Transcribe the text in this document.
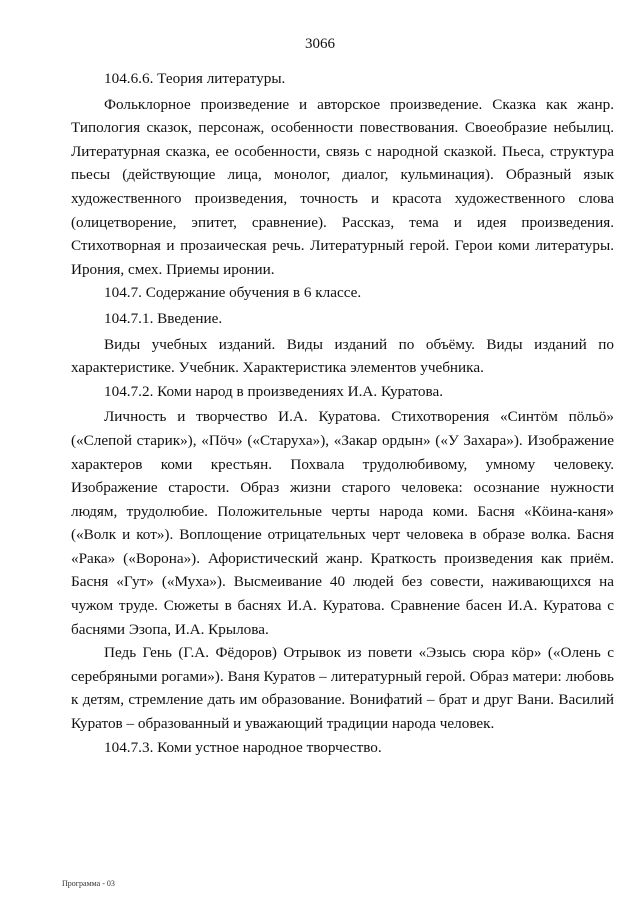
3066

104.6.6. Теория литературы.

Фольклорное произведение и авторское произведение. Сказка как жанр. Типология сказок, персонаж, особенности повествования. Своеобразие небылиц. Литературная сказка, ее особенности, связь с народной сказкой. Пьеса, структура пьесы (действующие лица, монолог, диалог, кульминация). Образный язык художественного произведения, точность и красота художественного слова (олицетворение, эпитет, сравнение). Рассказ, тема и идея произведения. Стихотворная и прозаическая речь. Литературный герой. Герои коми литературы. Ирония, смех. Приемы иронии.

104.7. Содержание обучения в 6 классе.

104.7.1. Введение.

Виды учебных изданий. Виды изданий по объёму. Виды изданий по характеристике. Учебник. Характеристика элементов учебника.

104.7.2. Коми народ в произведениях И.А. Куратова.

Личность и творчество И.А. Куратова. Стихотворения «Синтӧм пӧльӧ» («Слепой старик»), «Пӧч» («Старуха»), «Закар ордын» («У Захара»). Изображение характеров коми крестьян. Похвала трудолюбивому, умному человеку. Изображение старости. Образ жизни старого человека: осознание нужности людям, трудолюбие. Положительные черты народа коми. Басня «Кӧина-каня» («Волк и кот»). Воплощение отрицательных черт человека в образе волка. Басня «Рака» («Ворона»). Афористический жанр. Краткость произведения как приём. Басня «Гут» («Муха»). Высмеивание 40 людей без совести, наживающихся на чужом труде. Сюжеты в баснях И.А. Куратова. Сравнение басен И.А. Куратова с баснями Эзопа, И.А. Крылова.

Педь Гень (Г.А. Фёдоров) Отрывок из повети «Эзысь сюра кӧр» («Олень с серебряными рогами»). Ваня Куратов – литературный герой. Образ матери: любовь к детям, стремление дать им образование. Вонифатий – брат и друг Вани. Василий Куратов – образованный и уважающий традиции народа человек.

104.7.3. Коми устное народное творчество.

Программа - 03
